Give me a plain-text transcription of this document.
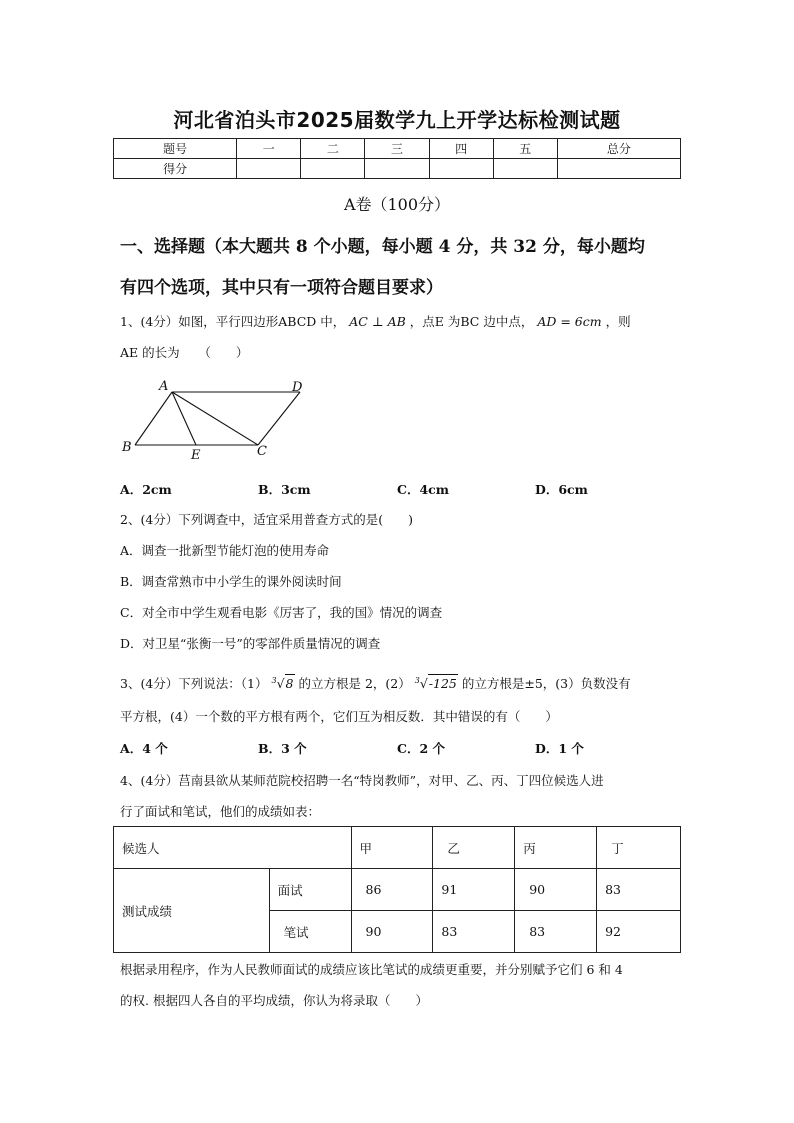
河北省泊头市2025届数学九上开学达标检测试题
题号	一	二	三	四	五	总分
得分						
A卷（100分）
一、选择题（本大题共 8 个小题，每小题 4 分，共 32 分，每小题均
有四个选项，其中只有一项符合题目要求）
1、(4分）如图，平行四边形ABCD 中， AC ⊥ AB ，点E 为BC 边中点， AD = 6cm ，则
AE 的长为　　（　　）
A	D
B	C
E
A．2cm	B．3cm	C．4cm	D．6cm
2、(4分）下列调查中，适宜采用普查方式的是(　　)
A．调查一批新型节能灯泡的使用寿命
B．调查常熟市中小学生的课外阅读时间
C．对全市中学生观看电影《厉害了，我的国》情况的调查
D．对卫星“张衡一号”的零部件质量情况的调查
3、(4分）下列说法：（1） $^3$√8 的立方根是 2，(2） $^3$√-125 的立方根是±5，(3）负数没有
平方根，(4）一个数的平方根有两个，它们互为相反数．其中错误的有（　　）
A．4 个	B．3 个	C．2 个	D．1 个
4、(4分）莒南县欲从某师范院校招聘一名“特岗教师”，对甲、乙、丙、丁四位候选人进
行了面试和笔试，他们的成绩如表：
候选人		甲	乙	丙	丁
测试成绩	面试	86	91	90	83
	笔试	90	83	83	92
根据录用程序，作为人民教师面试的成绩应该比笔试的成绩更重要，并分别赋予它们 6 和 4
的权. 根据四人各自的平均成绩，你认为将录取（　　）
